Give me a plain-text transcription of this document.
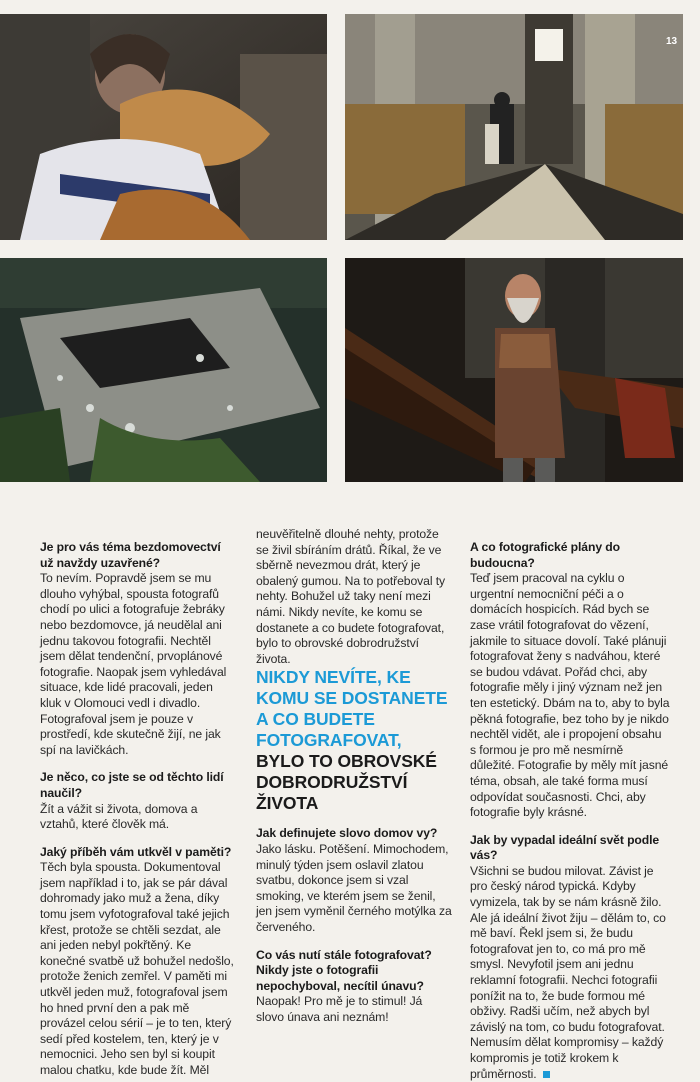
13

Je pro vás téma bezdomovectví už navždy uzavřené?

To nevím. Popravdě jsem se mu dlouho vyhýbal, spousta fotografů chodí po ulici a fotografuje žebráky nebo bezdomovce, já neudělal ani jednu takovou fotografii. Nechtěl jsem dělat tendenční, prvoplánové fotografie. Naopak jsem vyhledával situace, kde lidé pracovali, jeden kluk v Olomouci vedl i divadlo. Fotografoval jsem je pouze v prostředí, kde skutečně žijí, ne jak spí na lavičkách.

Je něco, co jste se od těchto lidí naučil?

Žít a vážit si života, domova a vztahů, které člověk má.

Jaký příběh vám utkvěl v paměti?

Těch byla spousta. Dokumentoval jsem například i to, jak se pár dával dohromady jako muž a žena, díky tomu jsem vyfotografoval také jejich křest, protože se chtěli sezdat, ale ani jeden nebyl pokřtěný. Ke konečné svatbě už bohužel nedošlo, protože ženich zemřel. V paměti mi utkvěl jeden muž, fotografoval jsem ho hned první den a pak mě provázel celou sérií – je to ten, který sedí před kostelem, ten, který je v nemocnici. Jeho sen byl si koupit malou chatku, kde bude žít. Měl

neuvěřitelně dlouhé nehty, protože se živil sbíráním drátů. Říkal, že ve sběrně nevezmou drát, který je obalený gumou. Na to potřeboval ty nehty. Bohužel už taky není mezi námi. Nikdy nevíte, ke komu se dostanete a co budete fotografovat, bylo to obrovské dobrodružství života.

NIKDY NEVÍTE, KE KOMU SE DOSTANETE A CO BUDETE FOTOGRAFOVAT,

BYLO TO OBROVSKÉ DOBRODRUŽSTVÍ ŽIVOTA

Jak definujete slovo domov vy?

Jako lásku. Potěšení. Mimochodem, minulý týden jsem oslavil zlatou svatbu, dokonce jsem si vzal smoking, ve kterém jsem se ženil, jen jsem vyměnil černého motýlka za červeného.

Co vás nutí stále fotografovat? Nikdy jste o fotografii nepochyboval, necítil únavu?

Naopak! Pro mě je to stimul! Já slovo únava ani neznám!

A co fotografické plány do budoucna?

Teď jsem pracoval na cyklu o urgentní nemocniční péči a o domácích hospicích. Rád bych se zase vrátil fotografovat do vězení, jakmile to situace dovolí. Také plánuji fotografovat ženy s nadváhou, které se budou vdávat. Pořád chci, aby fotografie měly i jiný význam než jen ten estetický. Dbám na to, aby to byla pěkná fotografie, bez toho by je nikdo nechtěl vidět, ale i propojení obsahu s formou je pro mě nesmírně důležité. Fotografie by měly mít jasné téma, obsah, ale také forma musí odpovídat současnosti. Chci, aby fotografie byly krásné.

Jak by vypadal ideální svět podle vás?

Všichni se budou milovat. Závist je pro český národ typická. Kdyby vymizela, tak by se nám krásně žilo. Ale já ideální život žiju – dělám to, co mě baví. Řekl jsem si, že budu fotografovat jen to, co má pro mě smysl. Nevyfotil jsem ani jednu reklamní fotografii. Nechci fotografii ponížit na to, že bude formou mé obživy. Radši učím, než abych byl závislý na tom, co budu fotografovat. Nemusím dělat kompromisy – každý kompromis je totiž krokem k průměrnosti.
